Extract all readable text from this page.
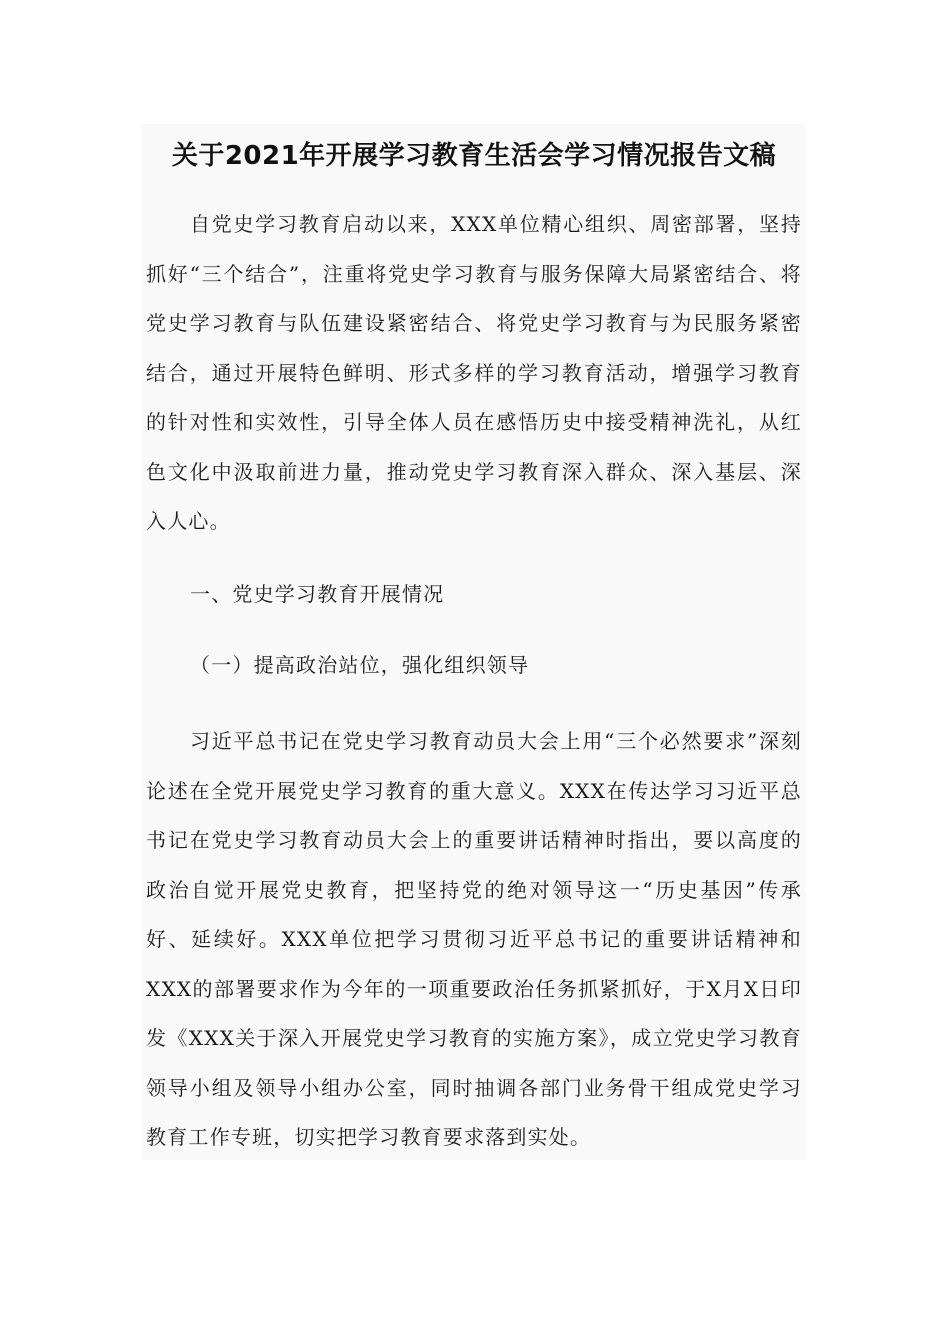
关于2021年开展学习教育生活会学习情况报告文稿

自党史学习教育启动以来，XXX单位精心组织、周密部署，坚持抓好“三个结合”，注重将党史学习教育与服务保障大局紧密结合、将党史学习教育与队伍建设紧密结合、将党史学习教育与为民服务紧密结合，通过开展特色鲜明、形式多样的学习教育活动，增强学习教育的针对性和实效性，引导全体人员在感悟历史中接受精神洗礼，从红色文化中汲取前进力量，推动党史学习教育深入群众、深入基层、深入人心。

一、党史学习教育开展情况

（一）提高政治站位，强化组织领导

习近平总书记在党史学习教育动员大会上用“三个必然要求”深刻论述在全党开展党史学习教育的重大意义。XXX在传达学习习近平总书记在党史学习教育动员大会上的重要讲话精神时指出，要以高度的政治自觉开展党史教育，把坚持党的绝对领导这一“历史基因”传承好、延续好。XXX单位把学习贯彻习近平总书记的重要讲话精神和XXX的部署要求作为今年的一项重要政治任务抓紧抓好，于X月X日印发《XXX关于深入开展党史学习教育的实施方案》，成立党史学习教育领导小组及领导小组办公室，同时抽调各部门业务骨干组成党史学习教育工作专班，切实把学习教育要求落到实处。
